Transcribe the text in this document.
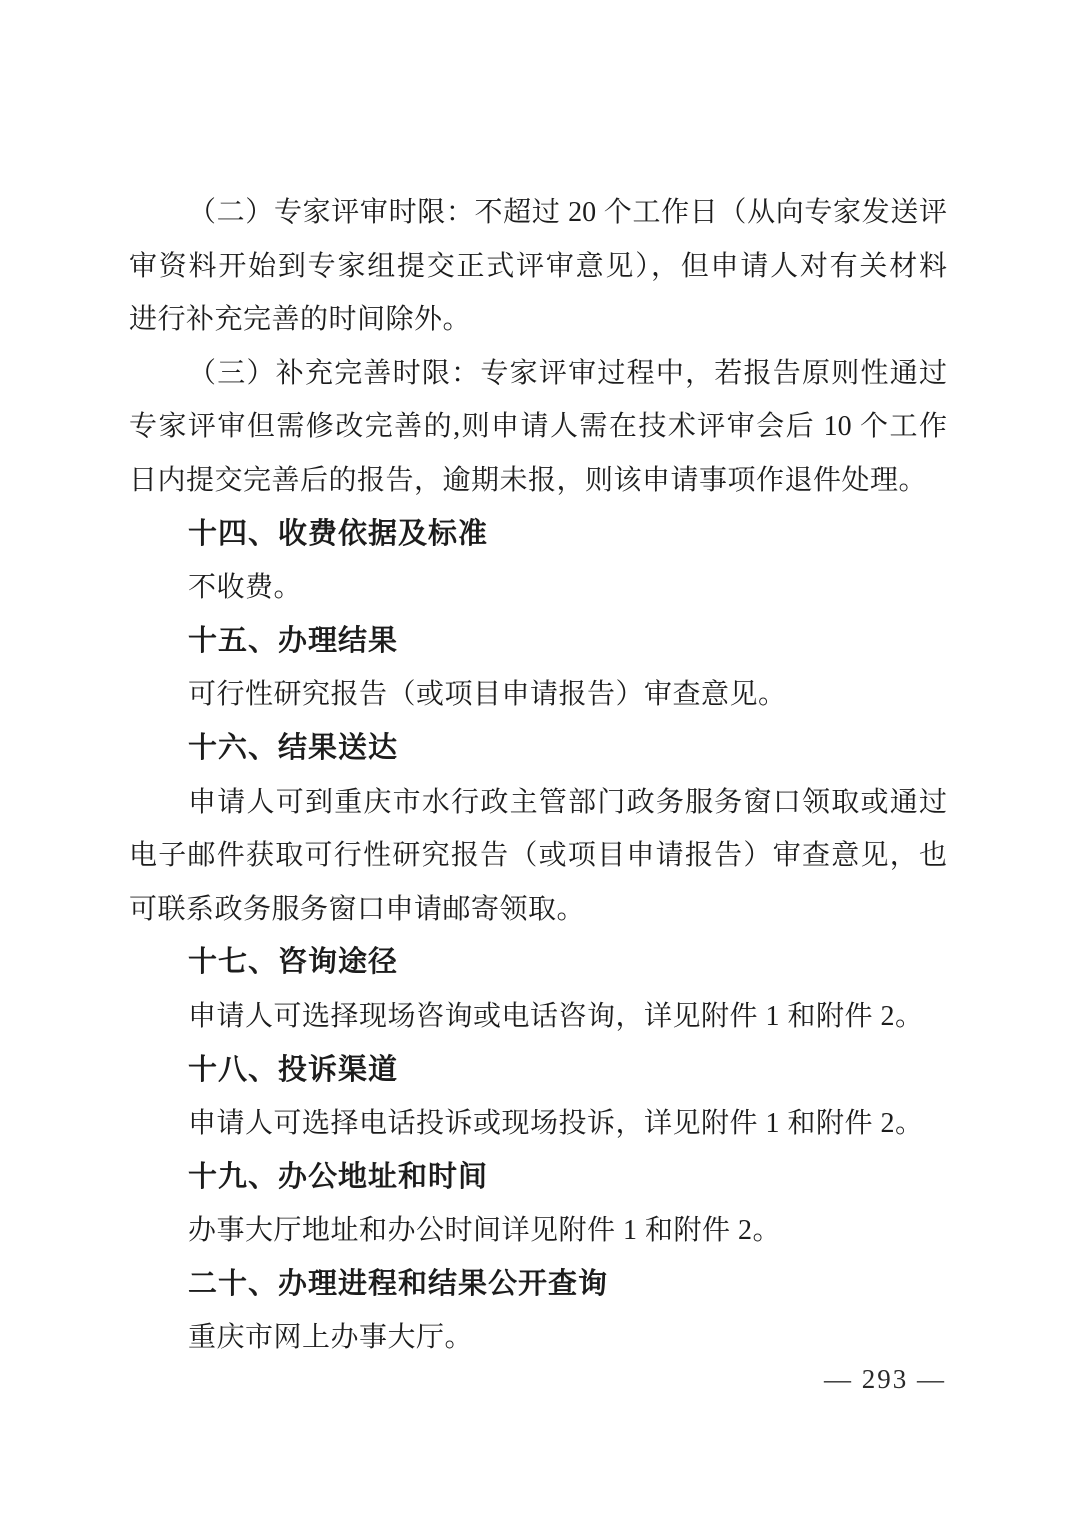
（二）专家评审时限：不超过 20 个工作日（从向专家发送评
审资料开始到专家组提交正式评审意见），但申请人对有关材料
进行补充完善的时间除外。
（三）补充完善时限：专家评审过程中，若报告原则性通过
专家评审但需修改完善的,则申请人需在技术评审会后 10 个工作
日内提交完善后的报告，逾期未报，则该申请事项作退件处理。
十四、收费依据及标准
不收费。
十五、办理结果
可行性研究报告（或项目申请报告）审查意见。
十六、结果送达
申请人可到重庆市水行政主管部门政务服务窗口领取或通过
电子邮件获取可行性研究报告（或项目申请报告）审查意见，也
可联系政务服务窗口申请邮寄领取。
十七、咨询途径
申请人可选择现场咨询或电话咨询，详见附件 1 和附件 2。
十八、投诉渠道
申请人可选择电话投诉或现场投诉，详见附件 1 和附件 2。
十九、办公地址和时间
办事大厅地址和办公时间详见附件 1 和附件 2。
二十、办理进程和结果公开查询
重庆市网上办事大厅。
— 293 —
